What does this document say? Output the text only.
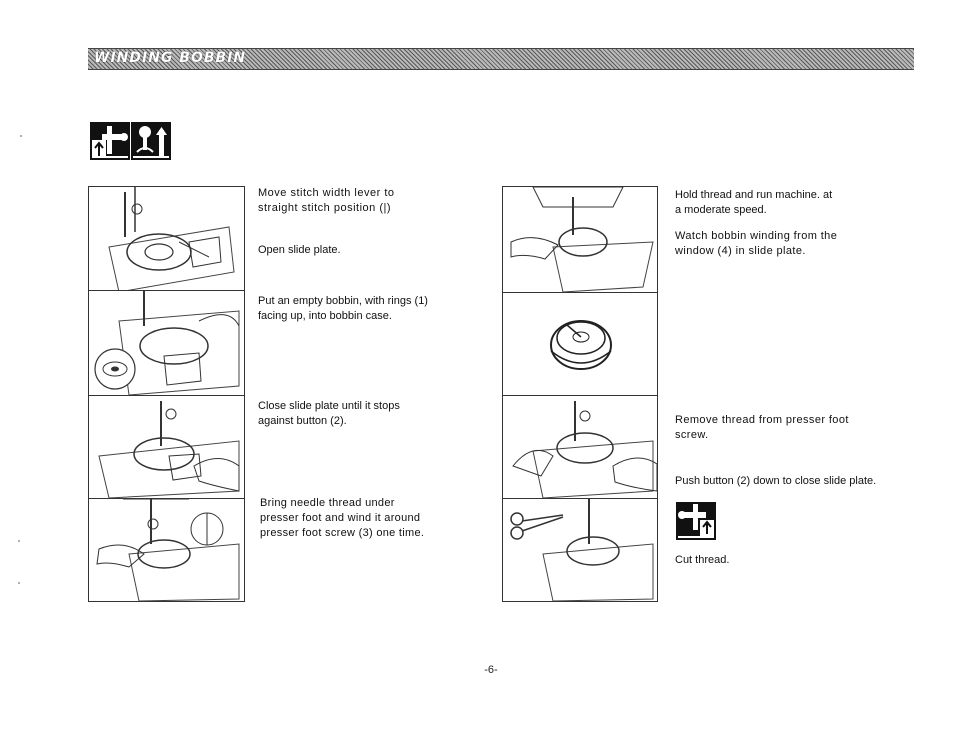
WINDING BOBBIN
Move stitch width lever to straight stitch position (|)
Open slide plate.
Put an empty bobbin, with rings (1) facing up, into bobbin case.
Close slide plate until it stops against button (2).
Bring needle thread under presser foot and wind it around presser foot screw (3) one time.
Hold thread and run machine. at a moderate speed.
Watch bobbin winding from the window (4) in slide plate.
Remove thread from presser foot screw.
Push button (2) down to close slide plate.
Cut thread.
-6-
